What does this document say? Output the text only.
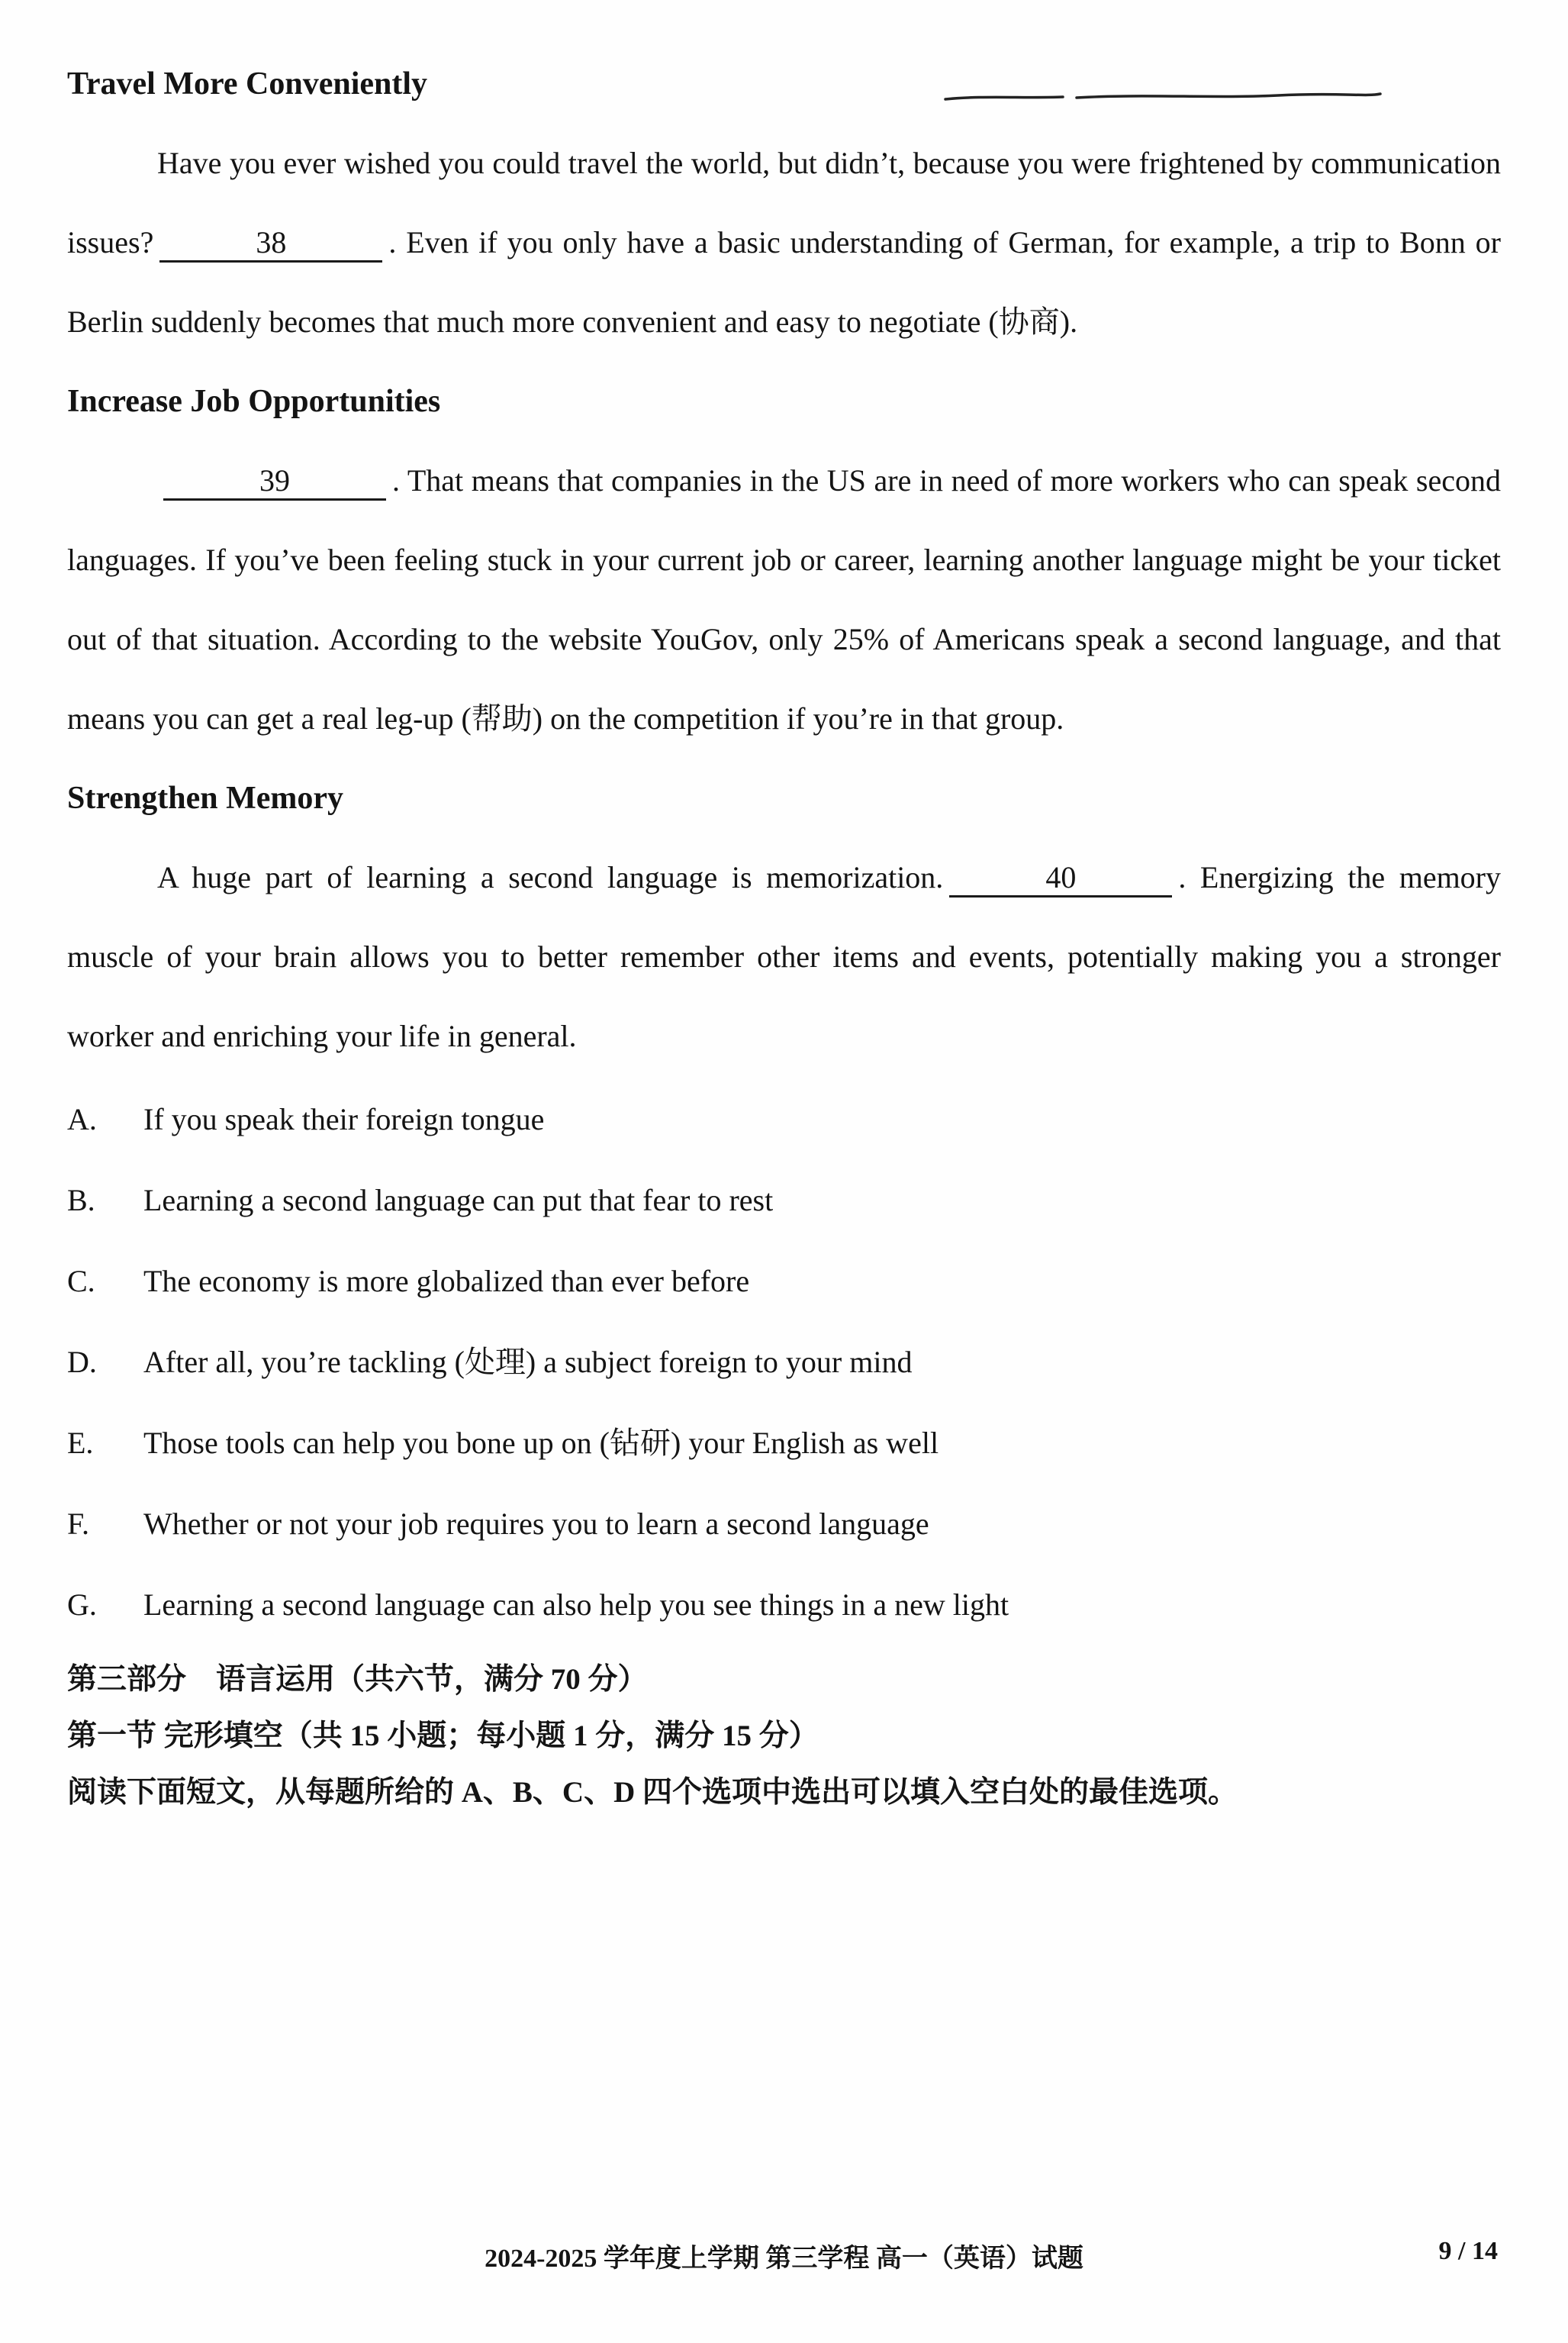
Travel More Conveniently

Have you ever wished you could travel the world, but didn’t, because you were frightened by communication issues?	38	. Even if you only have a basic understanding of German, for example, a trip to Bonn or Berlin suddenly becomes that much more convenient and easy to negotiate (协商).

Increase Job Opportunities

39	. That means that companies in the US are in need of more workers who can speak second languages. If you’ve been feeling stuck in your current job or career, learning another language might be your ticket out of that situation. According to the website YouGov, only 25% of Americans speak a second language, and that means you can get a real leg-up (帮助) on the competition if you’re in that group.

Strengthen Memory

A huge part of learning a second language is memorization.	40	. Energizing the memory muscle of your brain allows you to better remember other items and events, potentially making you a stronger worker and enriching your life in general.

A.	If you speak their foreign tongue
B.	Learning a second language can put that fear to rest
C.	The economy is more globalized than ever before
D.	After all, you’re tackling (处理) a subject foreign to your mind
E.	Those tools can help you bone up on (钻研) your English as well
F.	Whether or not your job requires you to learn a second language
G.	Learning a second language can also help you see things in a new light

第三部分　语言运用（共六节，满分 70 分）

第一节 完形填空（共 15 小题；每小题 1 分，满分 15 分）

阅读下面短文，从每题所给的 A、B、C、D 四个选项中选出可以填入空白处的最佳选项。

2024-2025 学年度上学期 第三学程 高一（英语）试题	9 / 14
